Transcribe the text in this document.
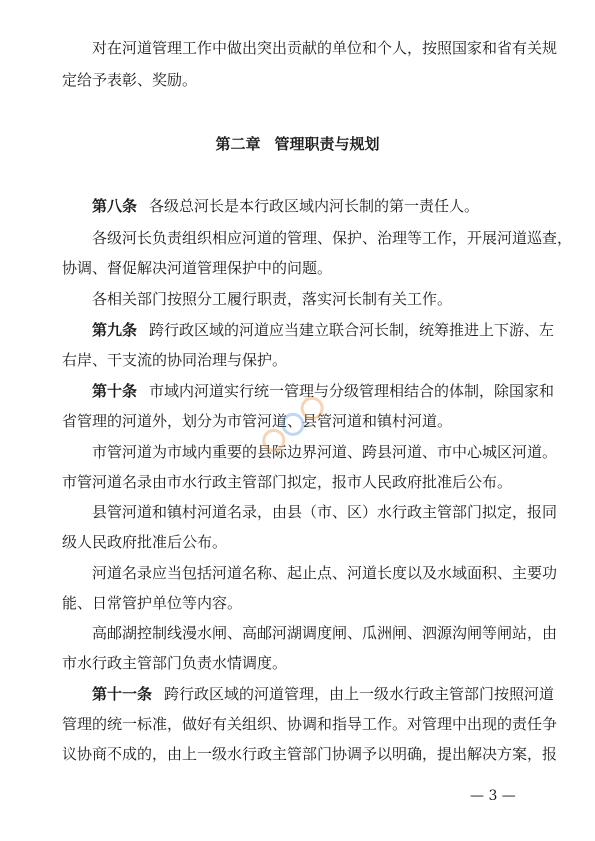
对在河道管理工作中做出突出贡献的单位和个人，按照国家和省有关规
定给予表彰、奖励。
第二章 管理职责与规划
第八条 各级总河长是本行政区域内河长制的第一责任人。
各级河长负责组织相应河道的管理、保护、治理等工作，开展河道巡查，
协调、督促解决河道管理保护中的问题。
各相关部门按照分工履行职责，落实河长制有关工作。
第九条 跨行政区域的河道应当建立联合河长制，统筹推进上下游、左
右岸、干支流的协同治理与保护。
第十条 市域内河道实行统一管理与分级管理相结合的体制，除国家和
省管理的河道外，划分为市管河道、县管河道和镇村河道。
市管河道为市域内重要的县际边界河道、跨县河道、市中心城区河道。
市管河道名录由市水行政主管部门拟定，报市人民政府批准后公布。
县管河道和镇村河道名录，由县（市、区）水行政主管部门拟定，报同
级人民政府批准后公布。
河道名录应当包括河道名称、起止点、河道长度以及水域面积、主要功
能、日常管护单位等内容。
高邮湖控制线漫水闸、高邮河湖调度闸、瓜洲闸、泗源沟闸等闸站，由
市水行政主管部门负责水情调度。
第十一条 跨行政区域的河道管理，由上一级水行政主管部门按照河道
管理的统一标准，做好有关组织、协调和指导工作。对管理中出现的责任争
议协商不成的，由上一级水行政主管部门协调予以明确，提出解决方案，报
— 3 —
